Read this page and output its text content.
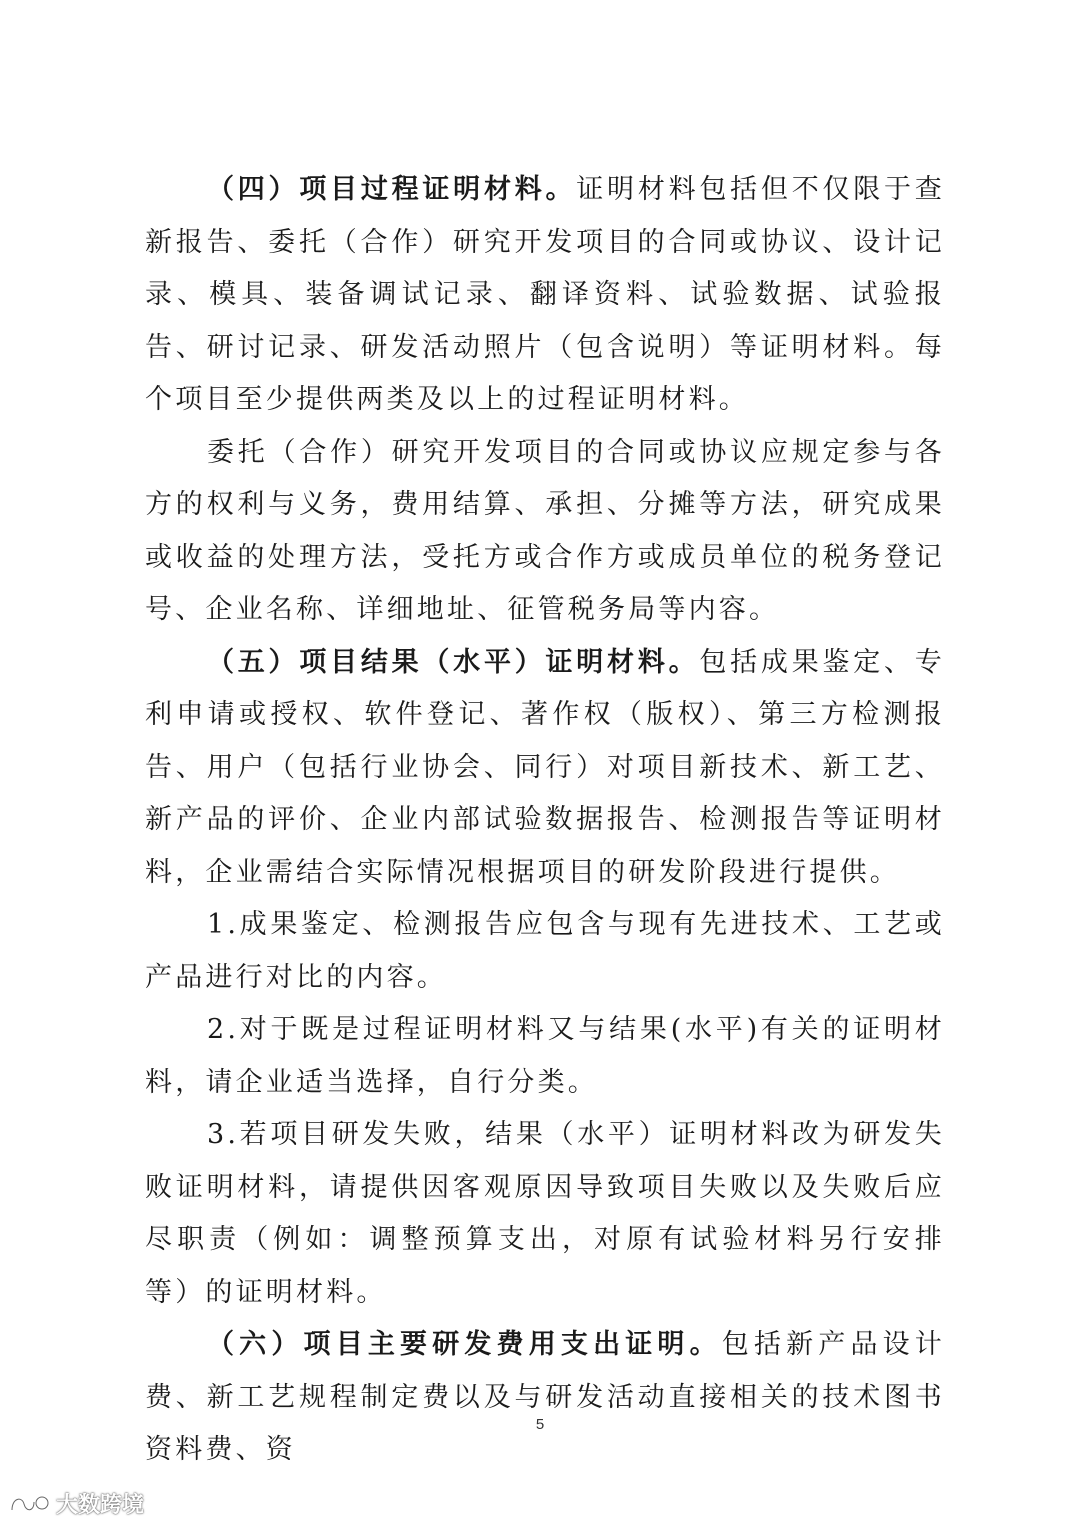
（四）项目过程证明材料。证明材料包括但不仅限于查新报告、委托（合作）研究开发项目的合同或协议、设计记录、模具、装备调试记录、翻译资料、试验数据、试验报告、研讨记录、研发活动照片（包含说明）等证明材料。每个项目至少提供两类及以上的过程证明材料。

委托（合作）研究开发项目的合同或协议应规定参与各方的权利与义务，费用结算、承担、分摊等方法，研究成果或收益的处理方法，受托方或合作方或成员单位的税务登记号、企业名称、详细地址、征管税务局等内容。

（五）项目结果（水平）证明材料。包括成果鉴定、专利申请或授权、软件登记、著作权（版权）、第三方检测报告、用户（包括行业协会、同行）对项目新技术、新工艺、新产品的评价、企业内部试验数据报告、检测报告等证明材料，企业需结合实际情况根据项目的研发阶段进行提供。

1.成果鉴定、检测报告应包含与现有先进技术、工艺或产品进行对比的内容。

2.对于既是过程证明材料又与结果(水平)有关的证明材料，请企业适当选择，自行分类。

3.若项目研发失败，结果（水平）证明材料改为研发失败证明材料，请提供因客观原因导致项目失败以及失败后应尽职责（例如：调整预算支出，对原有试验材料另行安排等）的证明材料。

（六）项目主要研发费用支出证明。包括新产品设计费、新工艺规程制定费以及与研发活动直接相关的技术图书资料费、资

5
大数跨境
